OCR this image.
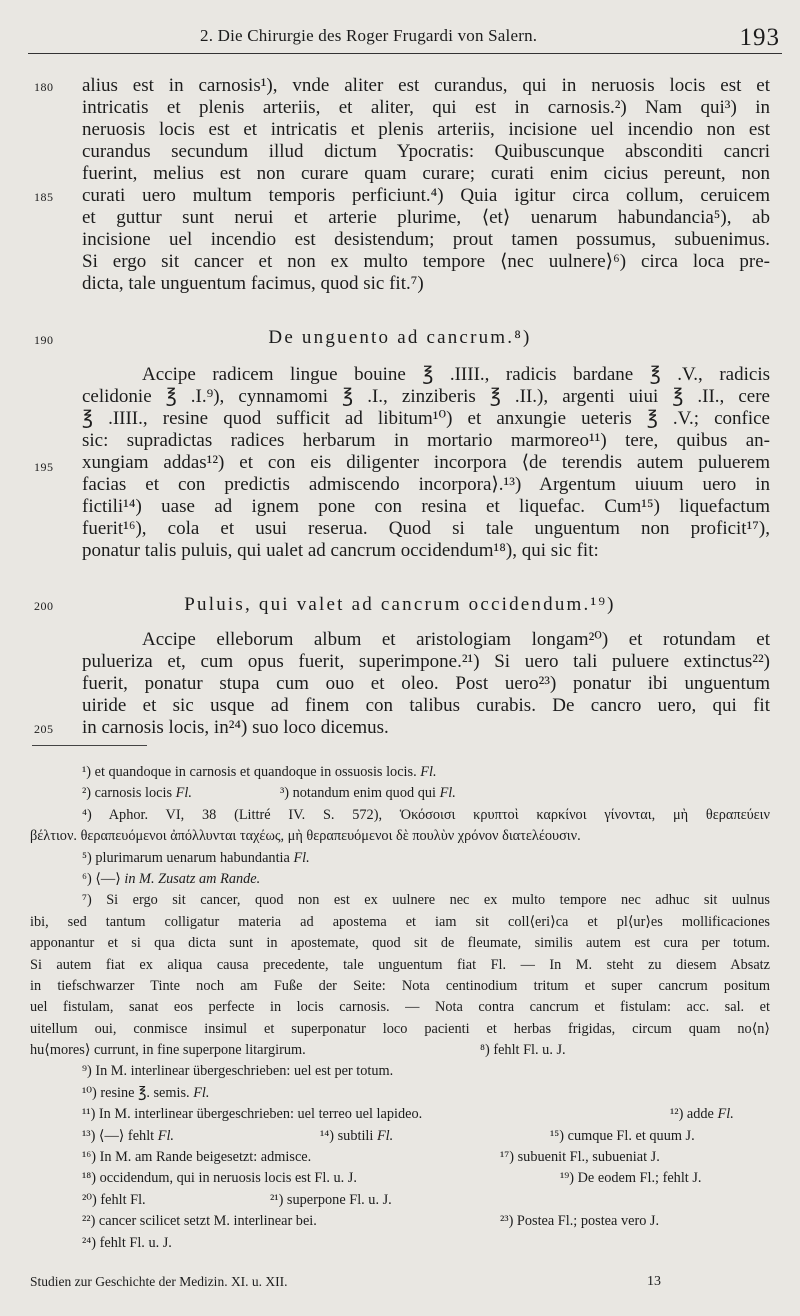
2. Die Chirurgie des Roger Frugardi von Salern.	193
180
185
alius est in carnosis¹), vnde aliter est curandus, qui in neruosis locis est et
intricatis et plenis arteriis, et aliter, qui est in carnosis.²) Nam qui³) in
neruosis locis est et intricatis et plenis arteriis, incisione uel incendio non est
curandus secundum illud dictum Ypocratis: Quibuscunque absconditi cancri
fuerint, melius est non curare quam curare; curati enim cicius pereunt, non
curati uero multum temporis perficiunt.⁴) Quia igitur circa collum, ceruicem
et guttur sunt nerui et arterie plurime, ⟨et⟩ uenarum habundancia⁵), ab
incisione uel incendio est desistendum; prout tamen possumus, subuenimus.
Si ergo sit cancer et non ex multo tempore ⟨nec uulnere⟩⁶) circa loca pre-
dicta, tale unguentum facimus, quod sic fit.⁷)
190	De unguento ad cancrum.⁸)
195
Accipe radicem lingue bouine ℥ .IIII., radicis bardane ℥ .V., radicis
celidonie ℥ .I.⁹), cynnamomi ℥ .I., zinziberis ℥ .II.), argenti uiui ℥ .II., cere
℥ .IIII., resine quod sufficit ad libitum¹⁰) et anxungie ueteris ℥ .V.; confice
sic: supradictas radices herbarum in mortario marmoreo¹¹) tere, quibus an-
xungiam addas¹²) et con eis diligenter incorpora ⟨de terendis autem puluerem
facias et con predictis admiscendo incorpora⟩.¹³) Argentum uiuum uero in
fictili¹⁴) uase ad ignem pone con resina et liquefac. Cum¹⁵) liquefactum
fuerit¹⁶), cola et usui reserua. Quod si tale unguentum non proficit¹⁷),
ponatur talis puluis, qui ualet ad cancrum occidendum¹⁸), qui sic fit:
200	Puluis, qui valet ad cancrum occidendum.¹⁹)
205
Accipe elleborum album et aristologiam longam²⁰) et rotundam et
pulueriza et, cum opus fuerit, superimpone.²¹) Si uero tali puluere extinctus²²)
fuerit, ponatur stupa cum ouo et oleo. Post uero²³) ponatur ibi unguentum
uiride et sic usque ad finem con talibus curabis. De cancro uero, qui fit
in carnosis locis, in²⁴) suo loco dicemus.
¹) et quandoque in carnosis et quandoque in ossuosis locis. Fl.
²) carnosis locis Fl.	³) notandum enim quod qui Fl.
⁴) Aphor. VI, 38 (Littré IV. S. 572), Ὁκόσοισι κρυπτοὶ καρκίνοι γίνονται, μὴ θεραπεύειν
βέλτιον. θεραπευόμενοι ἀπόλλυνται ταχέως, μὴ θεραπευόμενοι δὲ πουλὺν χρόνον διατελέουσιν.
⁵) plurimarum uenarum habundantia Fl.
⁶) ⟨—⟩ in M. Zusatz am Rande.
⁷) Si ergo sit cancer, quod non est ex uulnere nec ex multo tempore nec adhuc sit uulnus
ibi, sed tantum colligatur materia ad apostema et iam sit coll⟨eri⟩ca et pl⟨ur⟩es mollificaciones
apponantur et si qua dicta sunt in apostemate, quod sit de fleumate, similis autem est cura per totum.
Si autem fiat ex aliqua causa precedente, tale unguentum fiat Fl. — In M. steht zu diesem Absatz
in tiefschwarzer Tinte noch am Fuße der Seite: Nota centinodium tritum et super cancrum positum
uel fistulam, sanat eos perfecte in locis carnosis. — Nota contra cancrum et fistulam: acc. sal. et
uitellum oui, conmisce insimul et superponatur loco pacienti et herbas frigidas, circum quam no⟨n⟩
hu⟨mores⟩ currunt, in fine superpone litargirum.	⁸) fehlt Fl. u. J.
⁹) In M. interlinear übergeschrieben: uel est per totum.
¹⁰) resine ℥. semis. Fl.
¹¹) In M. interlinear übergeschrieben: uel terreo uel lapideo.	¹²) adde Fl.
¹³) ⟨—⟩ fehlt Fl.	¹⁴) subtili Fl.	¹⁵) cumque Fl. et quum J.
¹⁶) In M. am Rande beigesetzt: admisce.	¹⁷) subuenit Fl., subueniat J.
¹⁸) occidendum, qui in neruosis locis est Fl. u. J.	¹⁹) De eodem Fl.; fehlt J.
²⁰) fehlt Fl.	²¹) superpone Fl. u. J.
²²) cancer scilicet setzt M. interlinear bei.	²³) Postea Fl.; postea vero J.
²⁴) fehlt Fl. u. J.
Studien zur Geschichte der Medizin. XI. u. XII.	13
